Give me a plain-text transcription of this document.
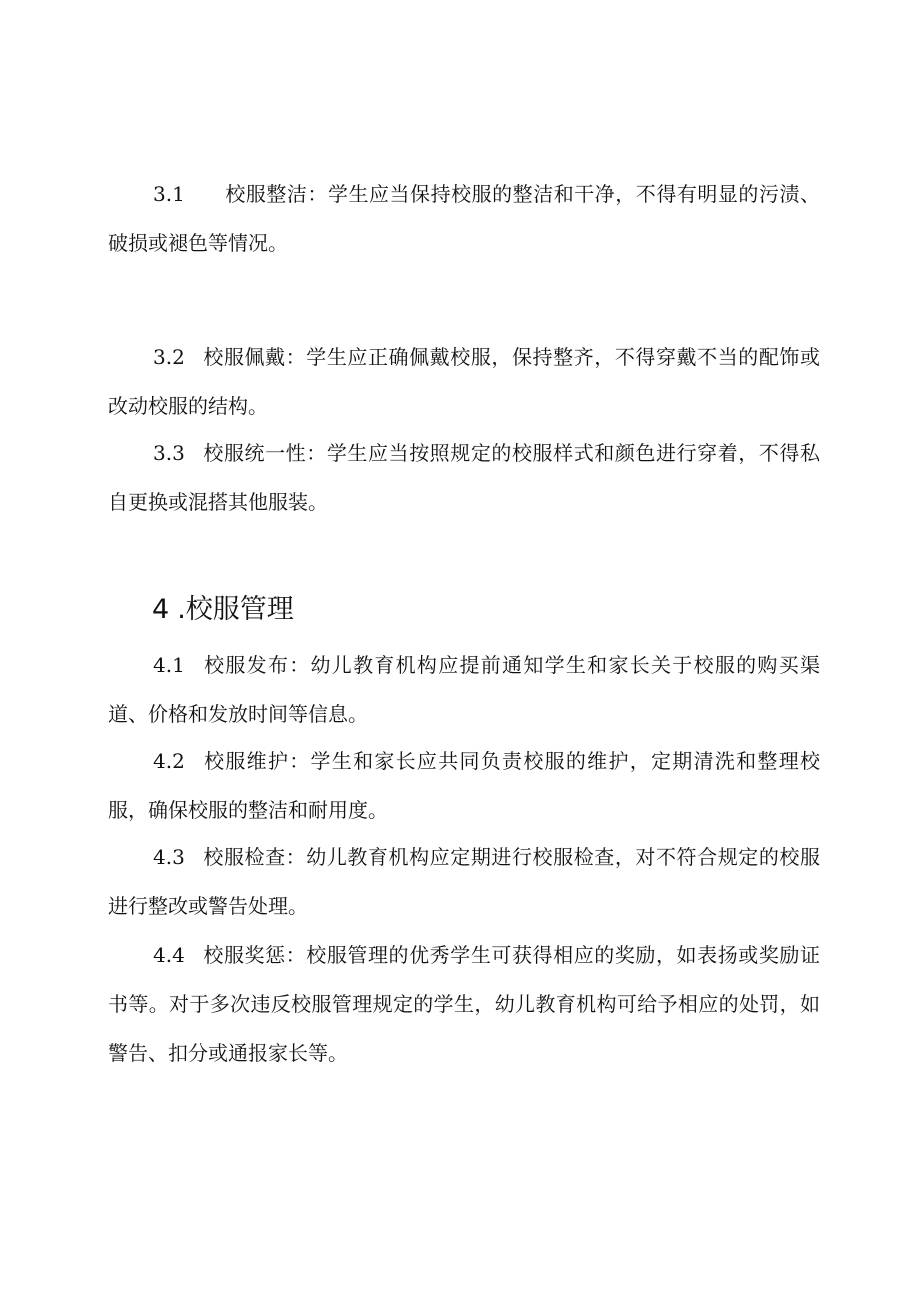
3.1 校服整洁：学生应当保持校服的整洁和干净，不得有明显的污渍、破损或褪色等情况。

3.2 校服佩戴：学生应正确佩戴校服，保持整齐，不得穿戴不当的配饰或改动校服的结构。

3.3 校服统一性：学生应当按照规定的校服样式和颜色进行穿着，不得私自更换或混搭其他服装。

4 .校服管理

4.1 校服发布：幼儿教育机构应提前通知学生和家长关于校服的购买渠道、价格和发放时间等信息。

4.2 校服维护：学生和家长应共同负责校服的维护，定期清洗和整理校服，确保校服的整洁和耐用度。

4.3 校服检查：幼儿教育机构应定期进行校服检查，对不符合规定的校服进行整改或警告处理。

4.4 校服奖惩：校服管理的优秀学生可获得相应的奖励，如表扬或奖励证书等。对于多次违反校服管理规定的学生，幼儿教育机构可给予相应的处罚，如警告、扣分或通报家长等。
